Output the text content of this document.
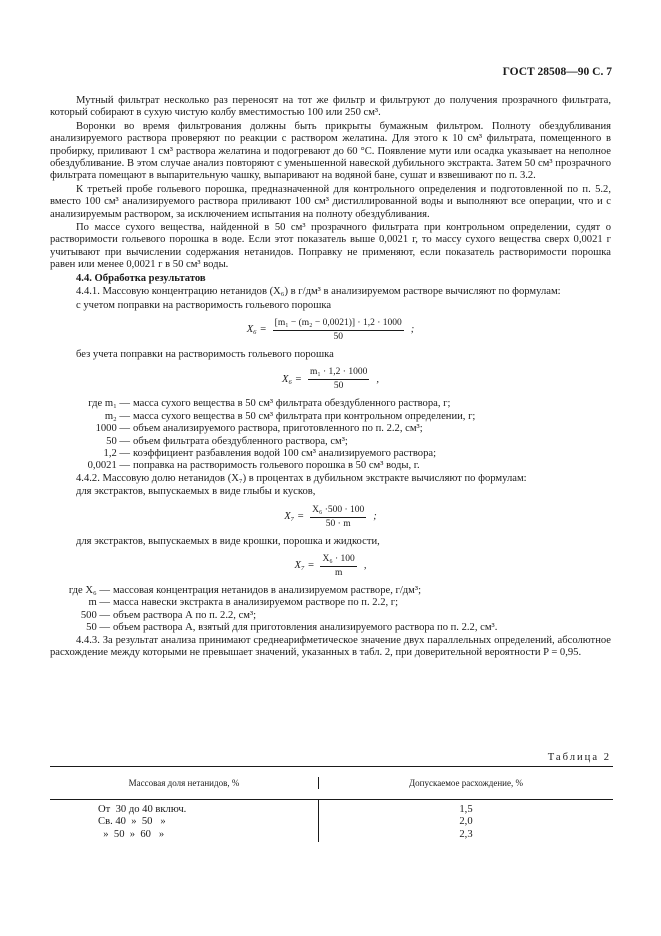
ГОСТ 28508—90 С. 7

Мутный фильтрат несколько раз переносят на тот же фильтр и фильтруют до получения прозрачного фильтрата, который собирают в сухую чистую колбу вместимостью 100 или 250 см³.

Воронки во время фильтрования должны быть прикрыты бумажным фильтром. Полноту обездубливания анализируемого раствора проверяют по реакции с раствором желатина. Для этого к 10 см³ фильтрата, помещенного в пробирку, приливают 1 см³ раствора желатина и подогревают до 60 °С. Появление мути или осадка указывает на неполное обездубливание. В этом случае анализ повторяют с уменьшенной навеской дубильного экстракта. Затем 50 см³ прозрачного фильтрата помещают в выпарительную чашку, выпаривают на водяной бане, сушат и взвешивают по п. 3.2.

К третьей пробе гольевого порошка, предназначенной для контрольного определения и подготовленной по п. 5.2, вместо 100 см³ анализируемого раствора приливают 100 см³ дистиллированной воды и выполняют все операции, что и с анализируемым раствором, за исключением испытания на полноту обездубливания.

По массе сухого вещества, найденной в 50 см³ прозрачного фильтрата при контрольном определении, судят о растворимости гольевого порошка в воде. Если этот показатель выше 0,0021 г, то массу сухого вещества сверх 0,0021 г учитывают при вычислении содержания нетанидов. Поправку не применяют, если показатель растворимости порошка равен или менее 0,0021 г в 50 см³ воды.

4.4. Обработка результатов

4.4.1. Массовую концентрацию нетанидов (X₆) в г/дм³ в анализируемом растворе вычисляют по формулам:

с учетом поправки на растворимость гольевого порошка
$X_6 = \frac{\text{[m₁ − (m₂ − 0,0021)] · 1,2 · 1000}}{50}$ ;
без учета поправки на растворимость гольевого порошка
$X_6 = \frac{\text{m₁ · 1,2 · 1000}}{50}$ ,
где m₁ — масса сухого вещества в 50 см³ фильтрата обездубленного раствора, г;
m₂ — масса сухого вещества в 50 см³ фильтрата при контрольном определении, г;
1000 — объем анализируемого раствора, приготовленного по п. 2.2, см³;
50 — объем фильтрата обездубленного раствора, см³;
1,2 — коэффициент разбавления водой 100 см³ анализируемого раствора;
0,0021 — поправка на растворимость гольевого порошка в 50 см³ воды, г.

4.4.2. Массовую долю нетанидов (X₇) в процентах в дубильном экстракте вычисляют по формулам:

для экстрактов, выпускаемых в виде глыбы и кусков,
$X_7 = \frac{\text{X₆ ·500 · 100}}{50 \cdot m}$ ;
для экстрактов, выпускаемых в виде крошки, порошка и жидкости,
$X_7 = \frac{\text{X₆ · 100}}{m}$ ,
где X₆ — массовая концентрация нетанидов в анализируемом растворе, г/дм³;
m — масса навески экстракта в анализируемом растворе по п. 2.2, г;
500 — объем раствора А по п. 2.2, см³;
50 — объем раствора А, взятый для приготовления анализируемого раствора по п. 2.2, см³.

4.4.3. За результат анализа принимают среднеарифметическое значение двух параллельных определений, абсолютное расхождение между которыми не превышает значений, указанных в табл. 2, при доверительной вероятности P = 0,95.

Таблица 2
Массовая доля нетанидов, %	Допускаемое расхождение, %
От  30 до 40 включ.
Св. 40  »  50   »
»  50  »  60   »
1,5
2,0
2,3
